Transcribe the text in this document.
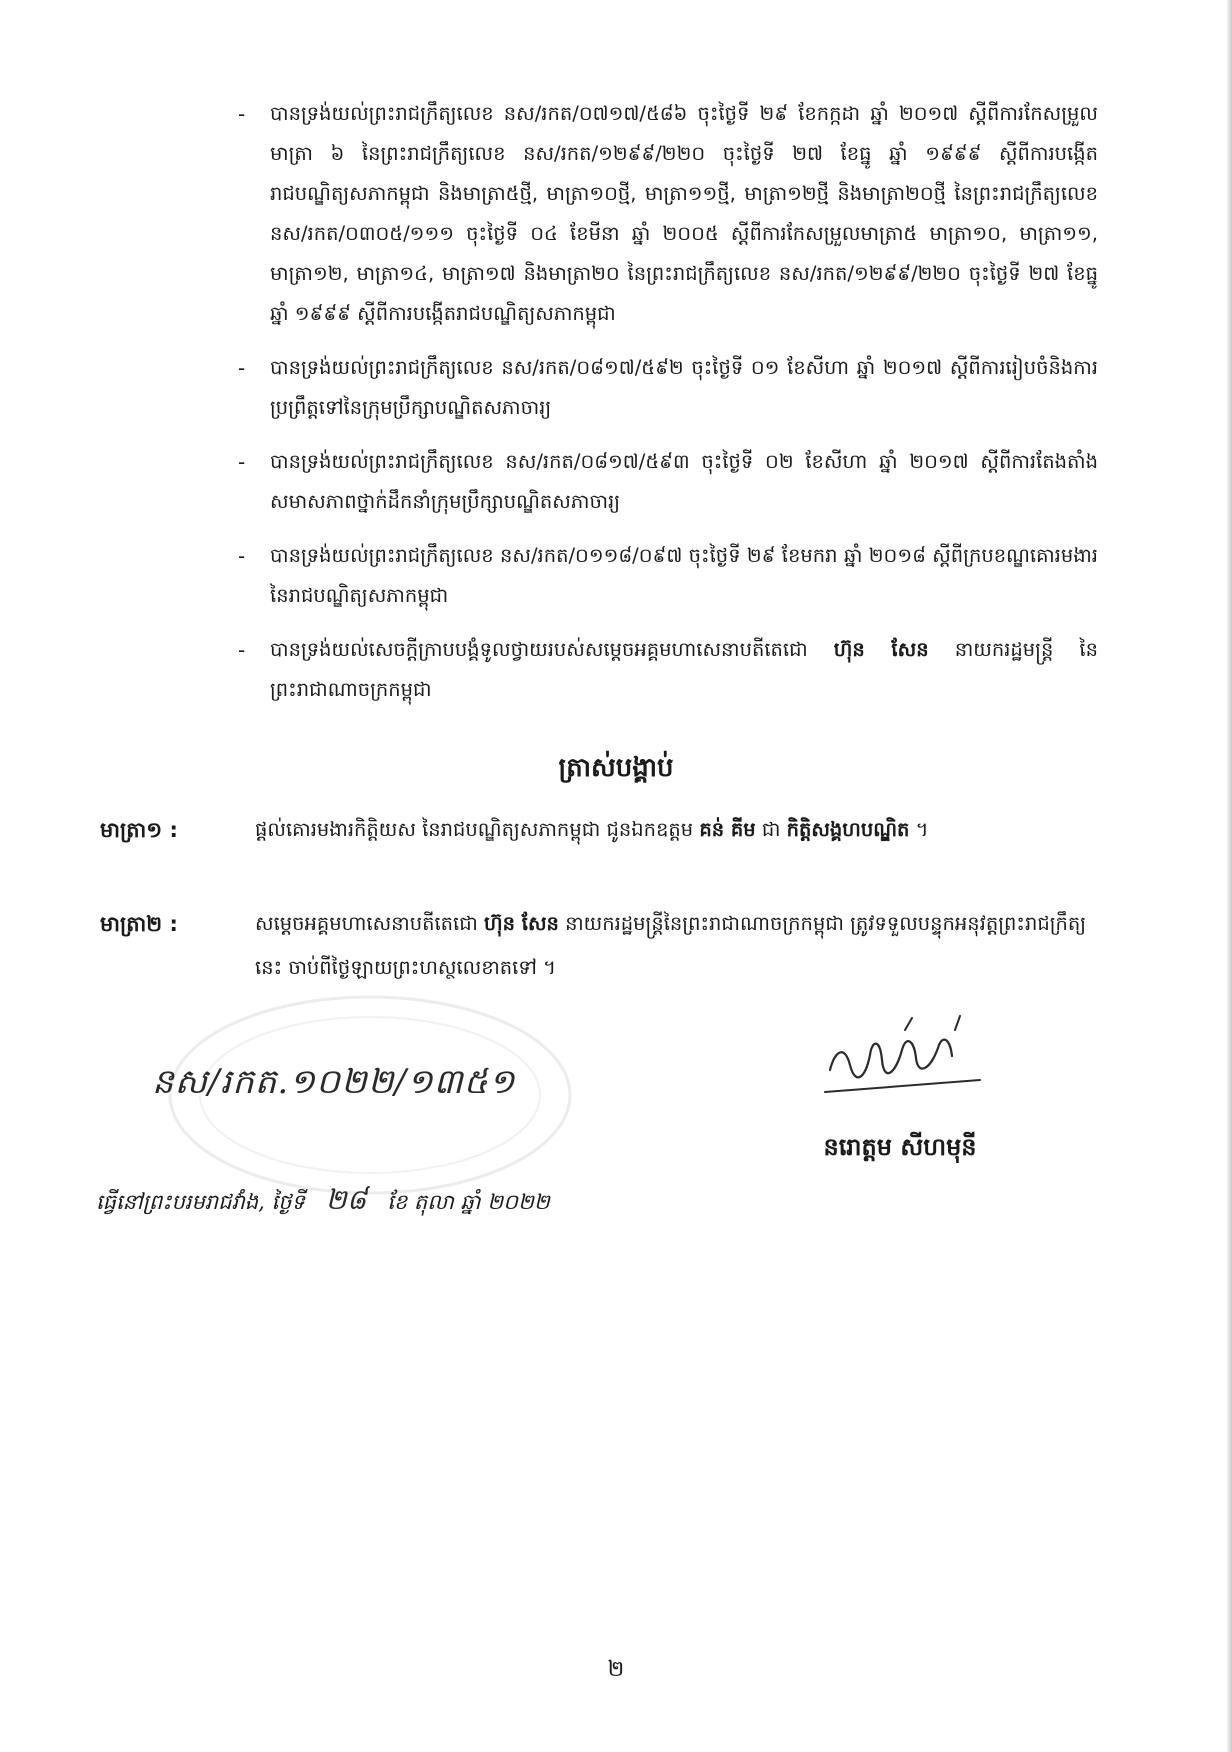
-	បានទ្រង់យល់ព្រះរាជក្រឹត្យលេខ នស/រកត/០៧១៧/៥៨៦ ចុះថ្ងៃទី ២៩ ខែកក្កដា ឆ្នាំ ២០១៧ ស្តីពីការកែសម្រួលមាត្រា ៦ នៃព្រះរាជក្រឹត្យលេខ នស/រកត/១២៩៩/២២០ ចុះថ្ងៃទី ២៧ ខែធ្នូ ឆ្នាំ ១៩៩៩ ស្តីពីការបង្កើតរាជបណ្ឌិត្យសភាកម្ពុជា និងមាត្រា៥ថ្មី, មាត្រា១០ថ្មី, មាត្រា១១ថ្មី, មាត្រា១២ថ្មី និងមាត្រា២០ថ្មី នៃព្រះរាជក្រឹត្យលេខ នស/រកត/០៣០៥/១១១ ចុះថ្ងៃទី ០៤ ខែមីនា ឆ្នាំ ២០០៥ ស្តីពីការកែសម្រួលមាត្រា៥ មាត្រា១០, មាត្រា១១, មាត្រា១២, មាត្រា១៤, មាត្រា១៧ និងមាត្រា២០ នៃព្រះរាជក្រឹត្យលេខ នស/រកត/១២៩៩/២២០ ចុះថ្ងៃទី ២៧ ខែធ្នូ ឆ្នាំ ១៩៩៩ ស្តីពីការបង្កើតរាជបណ្ឌិត្យសភាកម្ពុជា
-	បានទ្រង់យល់ព្រះរាជក្រឹត្យលេខ នស/រកត/០៨១៧/៥៩២ ចុះថ្ងៃទី ០១ ខែសីហា ឆ្នាំ ២០១៧ ស្តីពីការរៀបចំនិងការប្រព្រឹត្តទៅនៃក្រុមប្រឹក្សាបណ្ឌិតសភាចារ្យ
-	បានទ្រង់យល់ព្រះរាជក្រឹត្យលេខ នស/រកត/០៨១៧/៥៩៣ ចុះថ្ងៃទី ០២ ខែសីហា ឆ្នាំ ២០១៧ ស្តីពីការតែងតាំងសមាសភាពថ្នាក់ដឹកនាំក្រុមប្រឹក្សាបណ្ឌិតសភាចារ្យ
-	បានទ្រង់យល់ព្រះរាជក្រឹត្យលេខ នស/រកត/០១១៨/០៩៧ ចុះថ្ងៃទី ២៩ ខែមករា ឆ្នាំ ២០១៨ ស្តីពីក្របខណ្ឌគោរមងារនៃរាជបណ្ឌិត្យសភាកម្ពុជា
-	បានទ្រង់យល់សេចក្តីក្រាបបង្គំទូលថ្វាយរបស់សម្តេចអគ្គមហាសេនាបតីតេជោ ហ៊ុន សែន នាយករដ្ឋមន្ត្រី នៃព្រះរាជាណាចក្រកម្ពុជា
ត្រាស់បង្គាប់
មាត្រា១ :	ផ្តល់គោរមងារកិត្តិយស នៃរាជបណ្ឌិត្យសភាកម្ពុជា ជូនឯកឧត្តម គន់ គីម ជា កិត្តិសង្គហបណ្ឌិត ។
មាត្រា២ :	សម្តេចអគ្គមហាសេនាបតីតេជោ ហ៊ុន សែន នាយករដ្ឋមន្ត្រីនៃព្រះរាជាណាចក្រកម្ពុជា ត្រូវទទួលបន្ទុកអនុវត្តព្រះរាជក្រឹត្យនេះ ចាប់ពីថ្ងៃឡាយព្រះហស្ថលេខាតទៅ ។
នស/រកត.១០២២/១៣៥១
នរោត្តម សីហមុនី
ធ្វើនៅព្រះបរមរាជវាំង, ថ្ងៃទី ២៨ ខែ តុលា ឆ្នាំ ២០២២
២
